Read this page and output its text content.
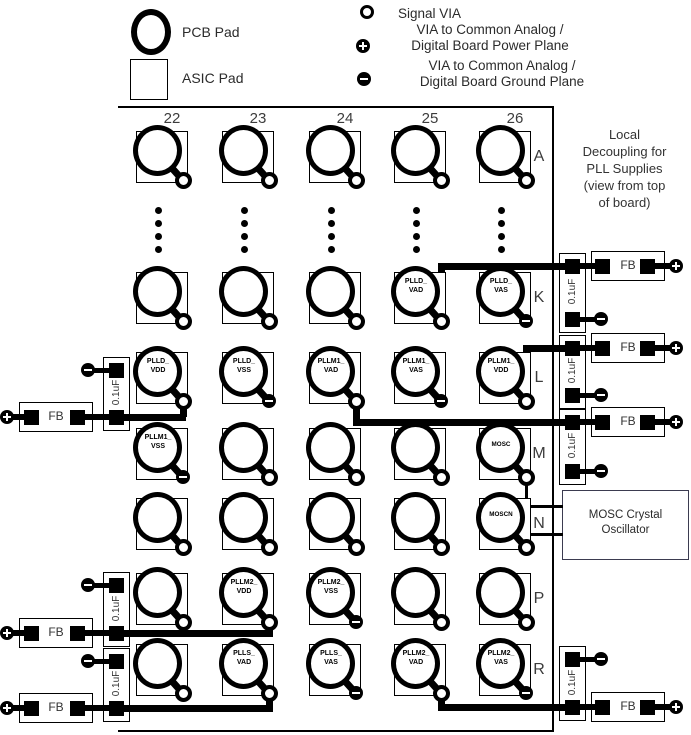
PCB Pad
ASIC Pad
Signal VIA
VIA to Common Analog /
Digital Board Power Plane
VIA to Common Analog /
Digital Board Ground Plane
Local
Decoupling for
PLL Supplies
(view from top
of board)
MOSC Crystal
Oscillator
22	23	24	25	26
A
K
L
M
N
P
R
0.1uF
FB
0.1uF
FB
0.1uF
FB
0.1uF
FB
0.1uF
FB
0.1uF
FB
0.1uF
FB
PLLD_
VAD
PLLD_
VAS
PLLD_
VDD
PLLD_
VSS
PLLM1_
VAD
PLLM1_
VAS
PLLM1_
VDD
PLLM1_
VSS	MOSC
MOSCN
PLLM2_
VDD
PLLM2_
VSS
PLLS_
VAD
PLLS_
VAS
PLLM2_
VAD
PLLM2_
VAS
